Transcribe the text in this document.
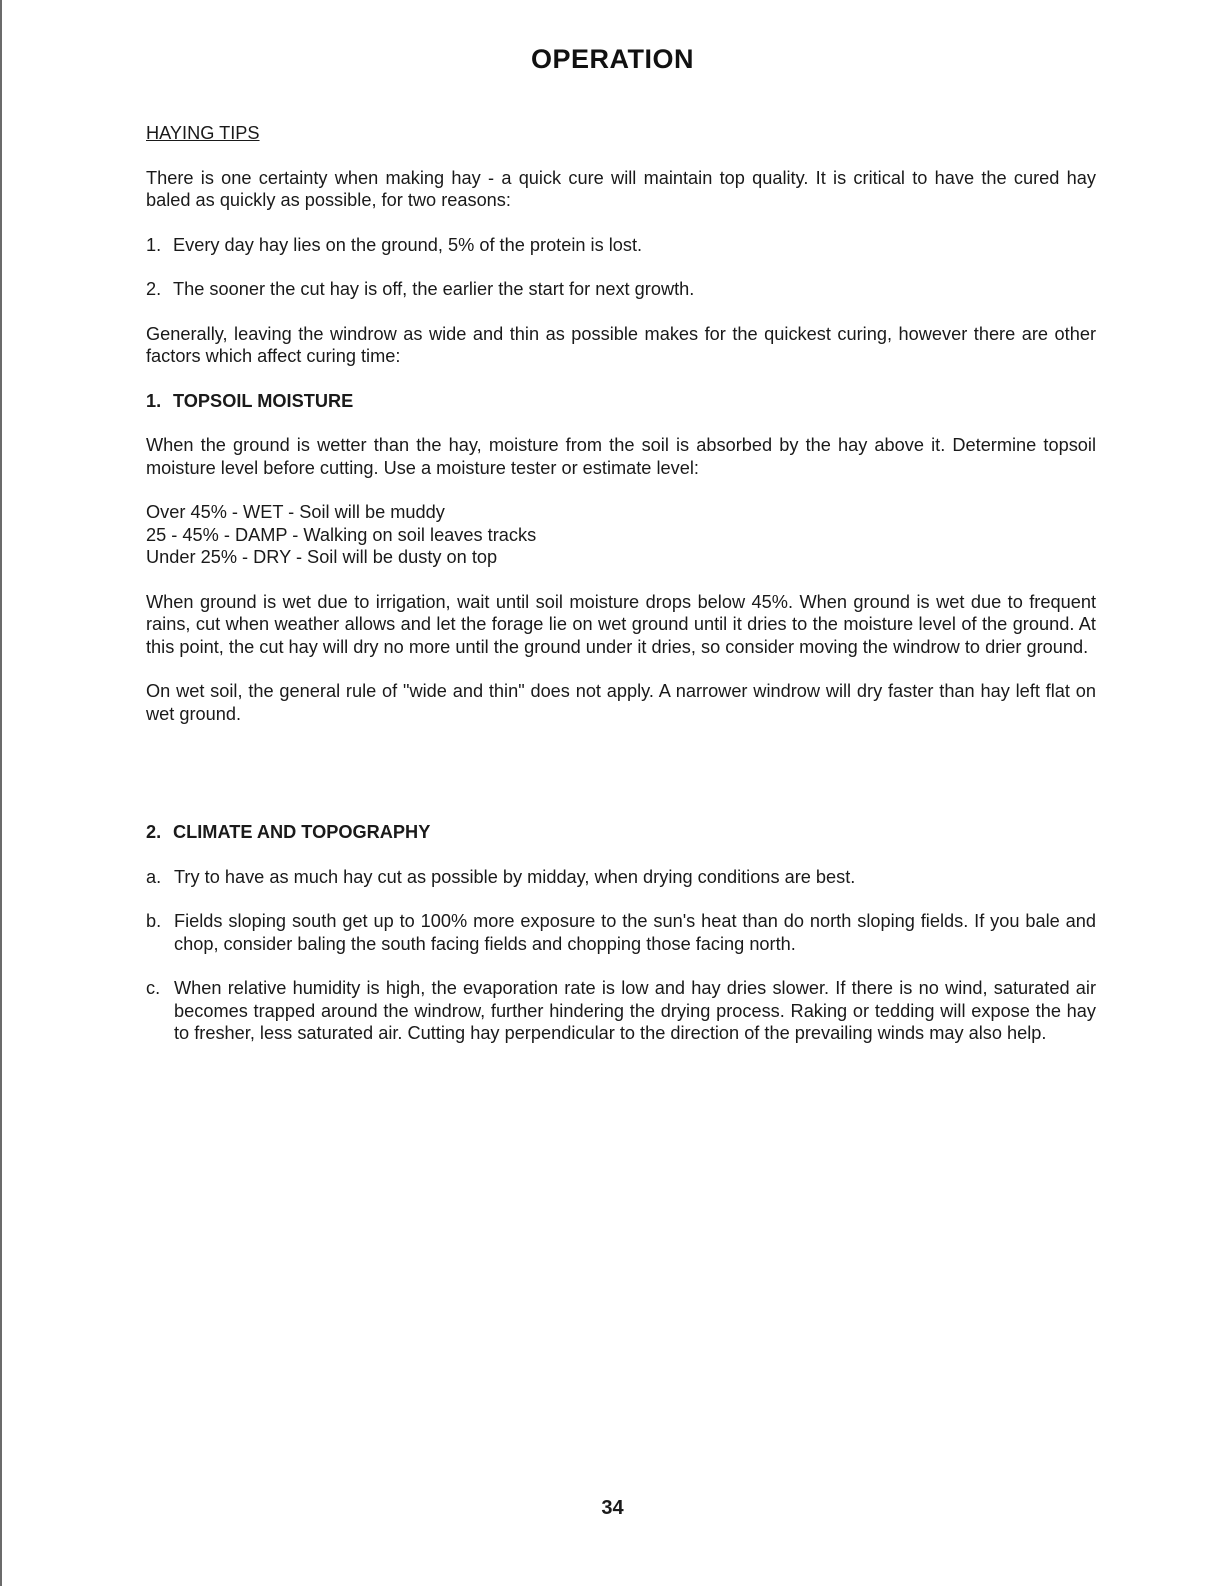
OPERATION
HAYING TIPS

There is one certainty when making hay - a quick cure will maintain top quality. It is critical to have the cured hay baled as quickly as possible, for two reasons:

1. Every day hay lies on the ground, 5% of the protein is lost.
2. The sooner the cut hay is off, the earlier the start for next growth.

Generally, leaving the windrow as wide and thin as possible makes for the quickest curing, however there are other factors which affect curing time:

1. TOPSOIL MOISTURE

When the ground is wetter than the hay, moisture from the soil is absorbed by the hay above it. Determine topsoil moisture level before cutting. Use a moisture tester or estimate level:

Over 45% - WET - Soil will be muddy
25 - 45% - DAMP - Walking on soil leaves tracks
Under 25% - DRY - Soil will be dusty on top

When ground is wet due to irrigation, wait until soil moisture drops below 45%. When ground is wet due to frequent rains, cut when weather allows and let the forage lie on wet ground until it dries to the moisture level of the ground. At this point, the cut hay will dry no more until the ground under it dries, so consider moving the windrow to drier ground.

On wet soil, the general rule of "wide and thin" does not apply. A narrower windrow will dry faster than hay left flat on wet ground.

2. CLIMATE AND TOPOGRAPHY
a. Try to have as much hay cut as possible by midday, when drying conditions are best.
b. Fields sloping south get up to 100% more exposure to the sun's heat than do north sloping fields. If you bale and chop, consider baling the south facing fields and chopping those facing north.
c. When relative humidity is high, the evaporation rate is low and hay dries slower. If there is no wind, saturated air becomes trapped around the windrow, further hindering the drying process. Raking or tedding will expose the hay to fresher, less saturated air. Cutting hay perpendicular to the direction of the prevailing winds may also help.
34
